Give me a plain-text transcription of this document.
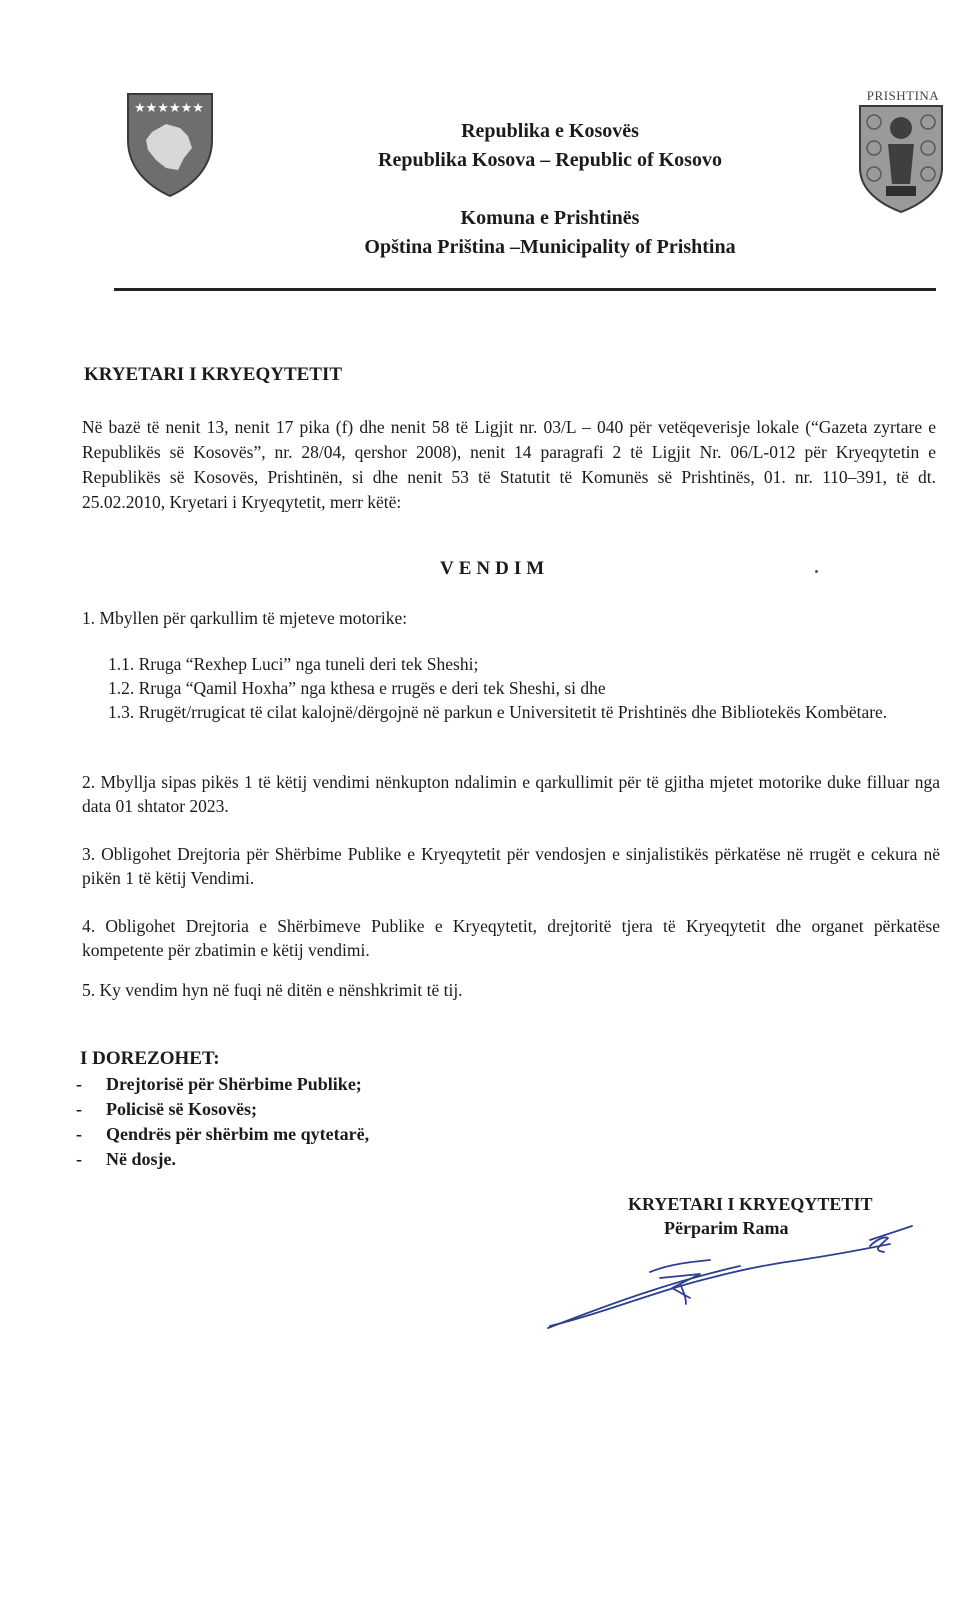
★★★★★★
PRISHTINA
Republika e Kosovës
Republika Kosova – Republic of Kosovo
Komuna e Prishtinës
Opština Priština –Municipality of Prishtina
KRYETARI I KRYEQYTETIT
Në bazë të nenit 13, nenit 17 pika (f) dhe nenit 58 të Ligjit nr. 03/L – 040 për vetëqeverisje lokale (“Gazeta zyrtare e Republikës së Kosovës”, nr. 28/04, qershor 2008), nenit 14 paragrafi 2 të Ligjit Nr. 06/L-012 për Kryeqytetin e Republikës së Kosovës, Prishtinën, si dhe nenit 53 të Statutit të Komunës së Prishtinës, 01. nr. 110–391, të dt. 25.02.2010, Kryetari i Kryeqytetit, merr këtë:
VENDIM
1. Mbyllen për qarkullim të mjeteve motorike:
1.1. Rruga “Rexhep Luci” nga tuneli deri tek Sheshi;
1.2. Rruga “Qamil Hoxha” nga kthesa e rrugës e deri tek Sheshi, si dhe
1.3. Rrugët/rrugicat të cilat kalojnë/dërgojnë në parkun e Universitetit të Prishtinës dhe Bibliotekës Kombëtare.
2. Mbyllja sipas pikës 1 të këtij vendimi nënkupton ndalimin e qarkullimit për të gjitha mjetet motorike duke filluar nga data 01 shtator 2023.
3. Obligohet Drejtoria për Shërbime Publike e Kryeqytetit për vendosjen e sinjalistikës përkatëse në rrugët e cekura në pikën 1 të këtij Vendimi.
4. Obligohet Drejtoria e Shërbimeve Publike e Kryeqytetit, drejtoritë tjera të Kryeqytetit dhe organet përkatëse kompetente për zbatimin e këtij vendimi.
5. Ky vendim hyn në fuqi në ditën e nënshkrimit të tij.
I DOREZOHET:
- Drejtorisë për Shërbime Publike;
- Policisë së Kosovës;
- Qendrës për shërbim me qytetarë,
- Në dosje.
KRYETARI I KRYEQYTETIT
Përparim Rama
